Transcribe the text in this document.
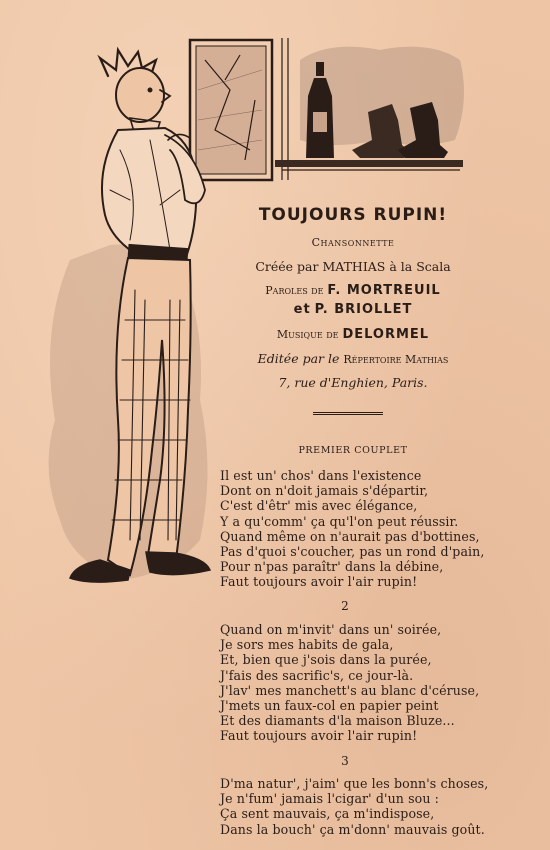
TOUJOURS RUPIN!

Chansonnette

Créée par MATHIAS à la Scala

Paroles de F. MORTREUIL

et P. BRIOLLET

Musique de DELORMEL

Editée par le Répertoire Mathias

7, rue d'Enghien, Paris.

PREMIER COUPLET

Il est un' chos' dans l'existence
Dont on n'doit jamais s'départir,
C'est d'êtr' mis avec élégance,
Y a qu'comm' ça qu'l'on peut réussir.
Quand même on n'aurait pas d'bottines,
Pas d'quoi s'coucher, pas un rond d'pain,
Pour n'pas paraîtr' dans la débine,
Faut toujours avoir l'air rupin!

2

Quand on m'invit' dans un' soirée,
Je sors mes habits de gala,
Et, bien que j'sois dans la purée,
J'fais des sacrific's, ce jour-là.
J'lav' mes manchett's au blanc d'céruse,
J'mets un faux-col en papier peint
Et des diamants d'la maison Bluze...
Faut toujours avoir l'air rupin!

3

D'ma natur', j'aim' que les bonn's choses,
Je n'fum' jamais l'cigar' d'un sou :
Ça sent mauvais, ça m'indispose,
Dans la bouch' ça m'donn' mauvais goût.
